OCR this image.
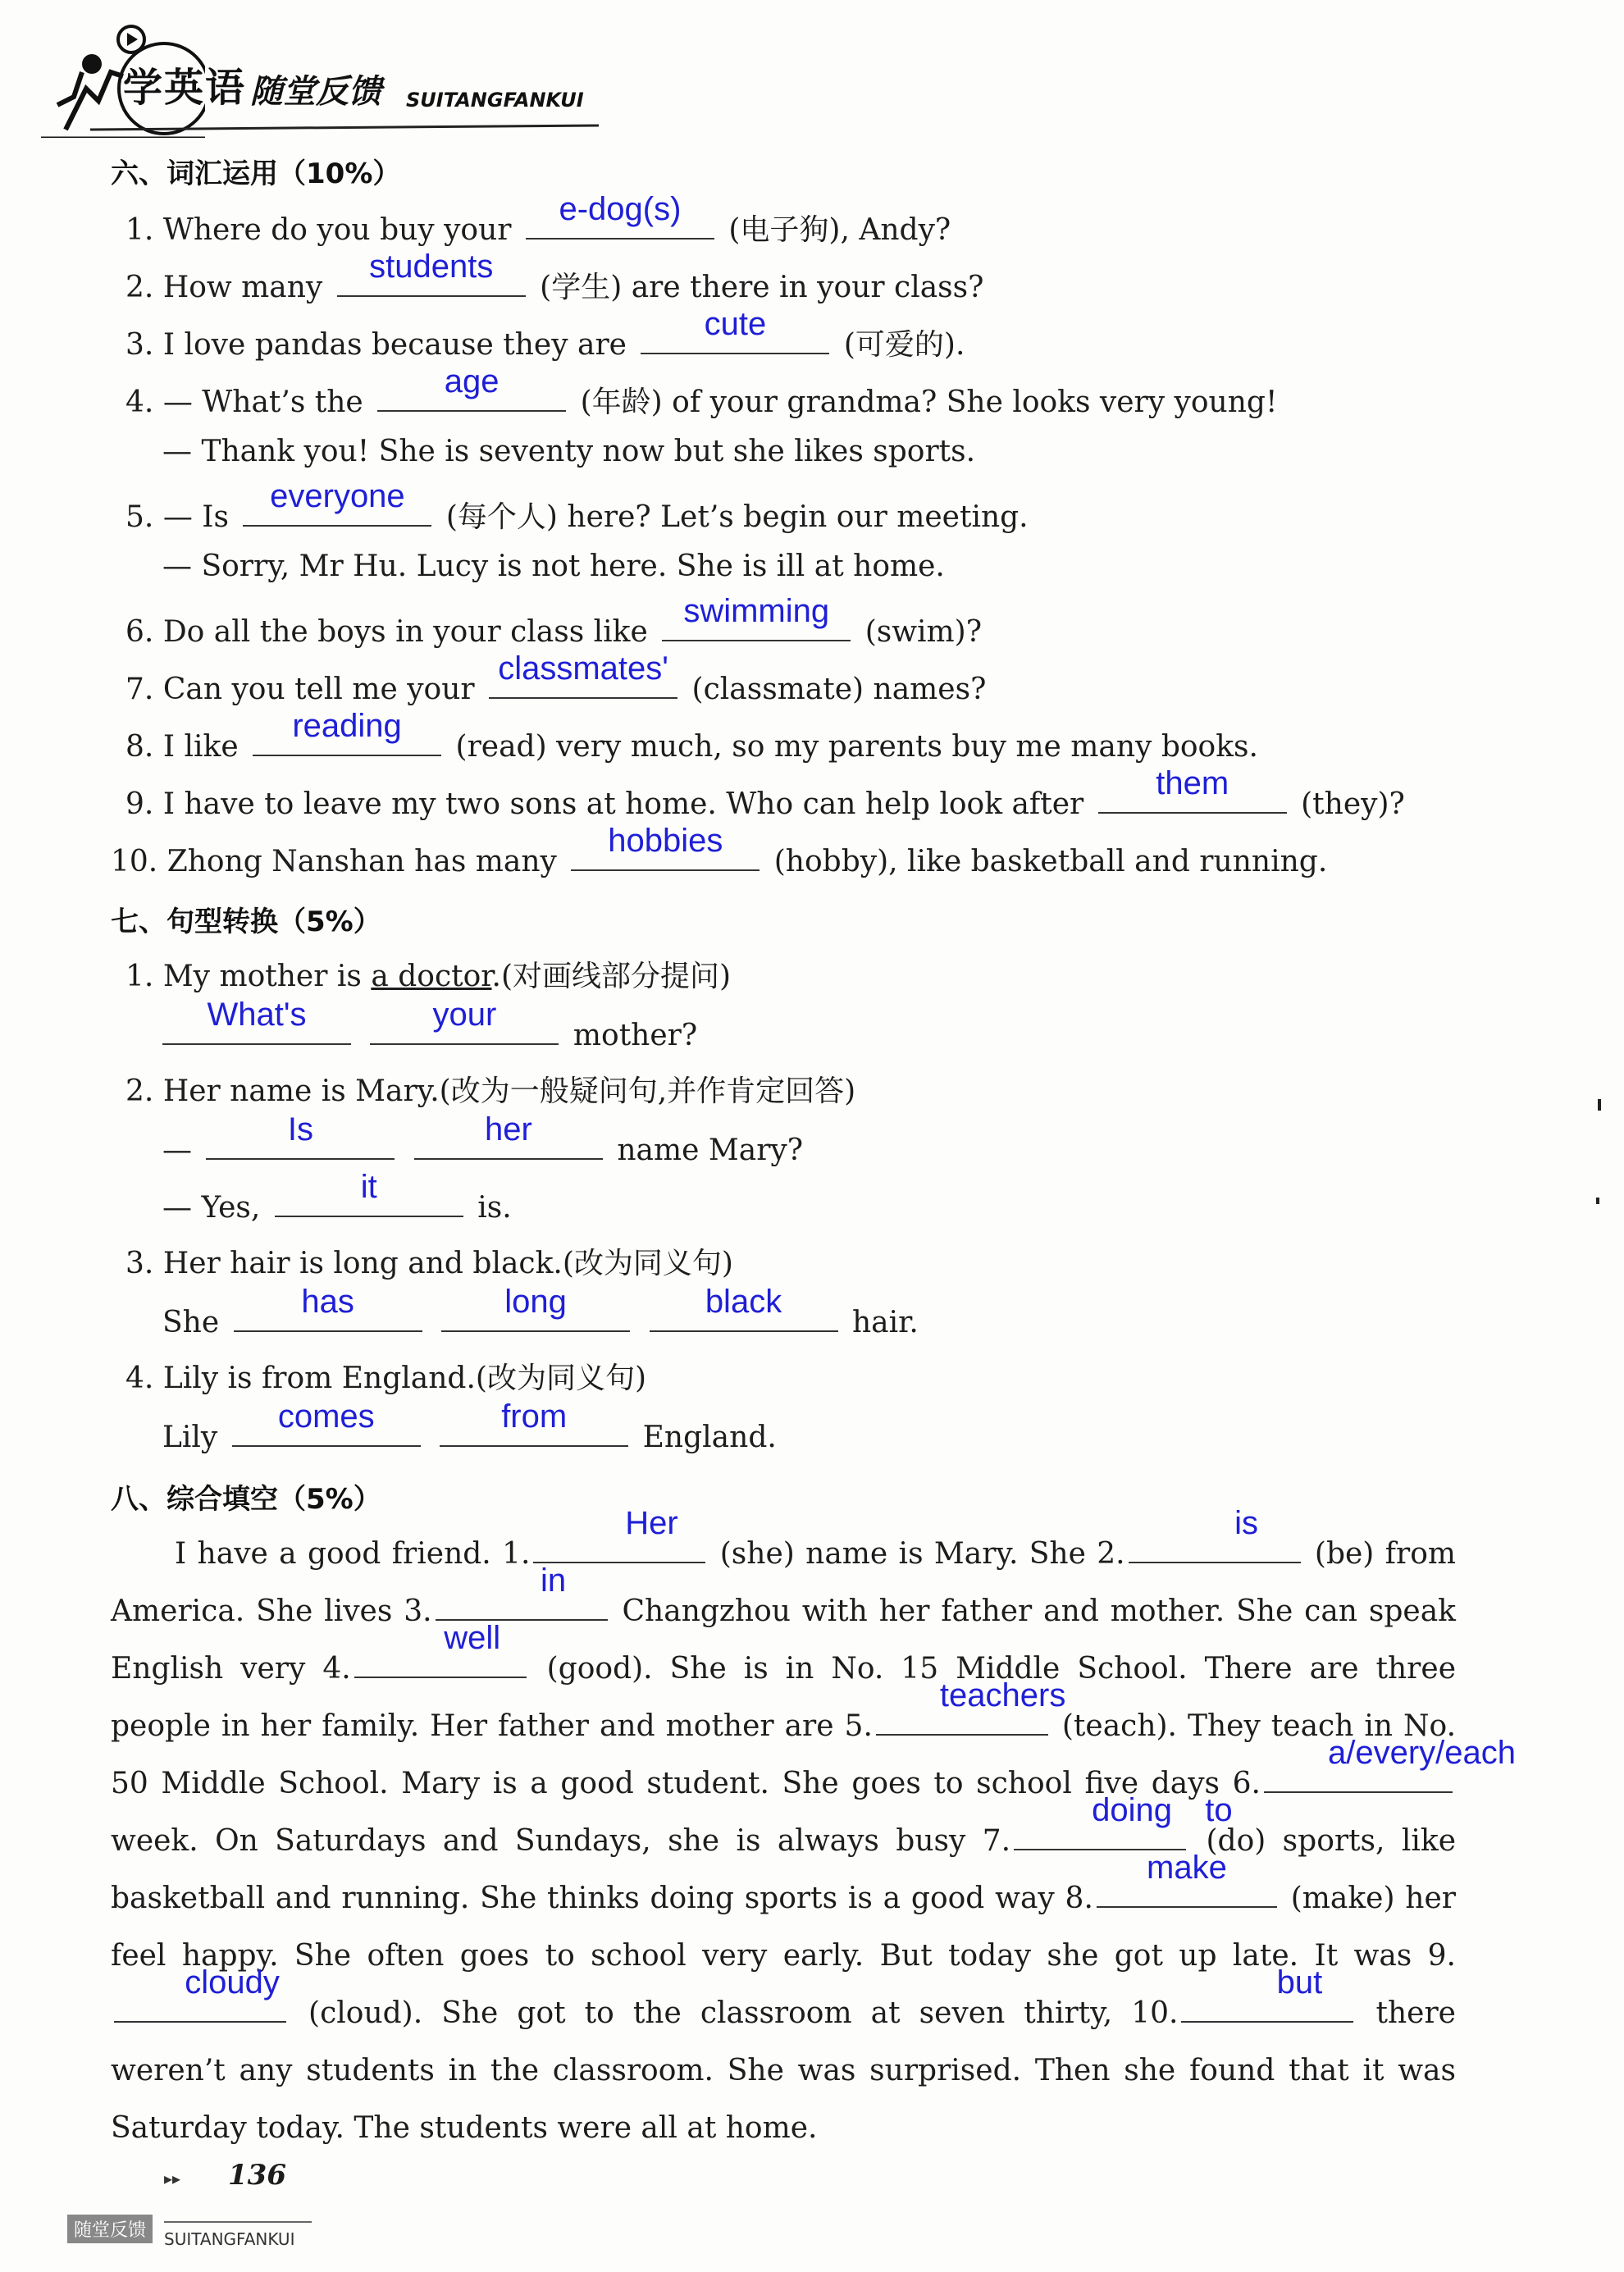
学英语 随堂反馈 SUITANGFANKUI
六、词汇运用（10%）
1. Where do you buy your
e-dog(s)
(电子狗), Andy?
2. How many
students
(学生) are there in your class?
3. I love pandas because they are
cute
(可爱的).
4. — What’s the
age
(年龄) of your grandma? She looks very young!
— Thank you! She is seventy now but she likes sports.
5. — Is
everyone
(每个人) here? Let’s begin our meeting.
— Sorry, Mr Hu. Lucy is not here. She is ill at home.
6. Do all the boys in your class like
swimming
(swim)?
7. Can you tell me your
classmates'
(classmate) names?
8. I like
reading
(read) very much, so my parents buy me many books.
9. I have to leave my two sons at home. Who can help look after
them
(they)?
10. Zhong Nanshan has many
hobbies
(hobby), like basketball and running.
七、句型转换（5%）
1. My mother is a doctor.(对画线部分提问)
What's
	your
mother?
2. Her name is Mary.(改为一般疑问句,并作肯定回答)
—
Is
	her
name Mary?
— Yes,
it
is.
3. Her hair is long and black.(改为同义句)
She
has
	long
	black
hair.
4. Lily is from England.(改为同义句)
Lily
comes
	from
England.
八、综合填空（5%）
I have a good friend. 1.
Her
(she) name is Mary. She 2.
is
(be) from America. She lives 3.
in
Changzhou with her father and mother. She can speak English very 4.
well
(good). She is in No. 15 Middle School. There are three people in her family. Her father and mother are 5.
teachers
(teach). They teach in No. 50 Middle School. Mary is a good student. She goes to school five days 6.
a/every/each
week. On Saturdays and Sundays, she is always busy 7.
doing
(do) sports, like basketball and running. She thinks doing sports is a good way 8.
to make
(make) her feel happy. She often goes to school very early. But today she got up late. It was 9.
cloudy
(cloud). She got to the classroom at seven thirty, 10.
but
there weren’t any students in the classroom. She was surprised. Then she found that it was Saturday today. The students were all at home.
▸▸ 136
随堂反馈	SUITANGFANKUI
